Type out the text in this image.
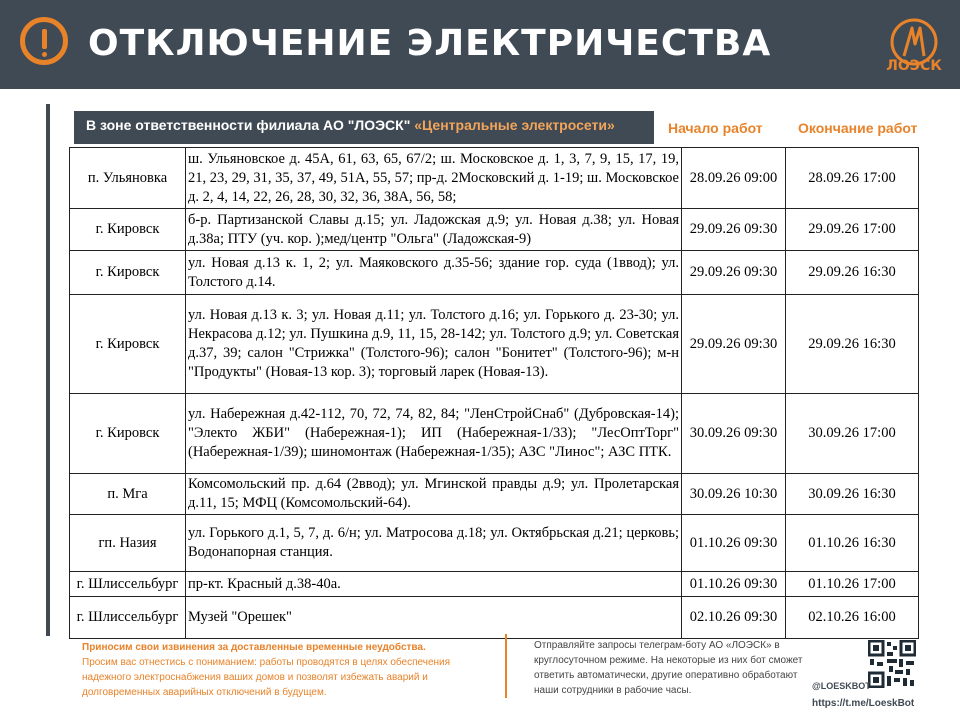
ОТКЛЮЧЕНИЕ ЭЛЕКТРИЧЕСТВА
ЛОЭСК
В зоне ответственности филиала АО "ЛОЭСК" «Центральные электросети»	Начало работ	Окончание работ
п. Ульяновка	ш. Ульяновское д. 45А, 61, 63, 65, 67/2; ш. Московское д. 1, 3, 7, 9, 15, 17, 19, 21, 23, 29, 31, 35, 37, 49, 51А, 55, 57; пр-д. 2Московский д. 1-19; ш. Московское д. 2, 4, 14, 22, 26, 28, 30, 32, 36, 38А, 56, 58;	28.09.26 09:00	28.09.26 17:00
г. Кировск	б-р. Партизанской Славы д.15; ул. Ладожская д.9; ул. Новая д.38; ул. Новая д.38а; ПТУ (уч. кор. );мед/центр "Ольга" (Ладожская-9)	29.09.26 09:30	29.09.26 17:00
г. Кировск	ул. Новая д.13 к. 1, 2; ул. Маяковского д.35-56; здание гор. суда (1ввод); ул. Толстого д.14.	29.09.26 09:30	29.09.26 16:30
г. Кировск	ул. Новая д.13 к. 3; ул. Новая д.11; ул. Толстого д.16; ул. Горького д. 23-30; ул. Некрасова д.12; ул. Пушкина д.9, 11, 15, 28-142; ул. Толстого д.9; ул. Советская д.37, 39; салон "Стрижка" (Толстого-96); салон "Бонитет" (Толстого-96); м-н "Продукты" (Новая-13 кор. 3); торговый ларек (Новая-13).	29.09.26 09:30	29.09.26 16:30
г. Кировск	ул. Набережная д.42-112, 70, 72, 74, 82, 84; "ЛенСтройСнаб" (Дубровская-14); "Электо ЖБИ" (Набережная-1); ИП (Набережная-1/33); "ЛесОптТорг" (Набережная-1/39); шиномонтаж (Набережная-1/35); АЗС "Линос"; АЗС ПТК.	30.09.26 09:30	30.09.26 17:00
п. Мга	Комсомольский пр. д.64 (2ввод); ул. Мгинской правды д.9; ул. Пролетарская д.11, 15; МФЦ (Комсомольский-64).	30.09.26 10:30	30.09.26 16:30
гп. Назия	ул. Горького д.1, 5, 7, д. 6/н; ул. Матросова д.18; ул. Октябрьская д.21; церковь; Водонапорная станция.	01.10.26 09:30	01.10.26 16:30
г. Шлиссельбург	пр-кт. Красный д.38-40а.	01.10.26 09:30	01.10.26 17:00
г. Шлиссельбург	Музей "Орешек"	02.10.26 09:30	02.10.26 16:00
Приносим свои извинения за доставленные временные неудобства.
Просим вас отнестись с пониманием: работы проводятся в целях обеспечения надежного электроснабжения ваших домов и позволят избежать аварий и долговременных аварийных отключений в будущем.
Отправляйте запросы телеграм-боту АО «ЛОЭСК» в круглосуточном режиме. На некоторые из них бот сможет ответить автоматически, другие оперативно обработают наши сотрудники в рабочие часы.	@LOESKBOT
https://t.me/LoeskBot
